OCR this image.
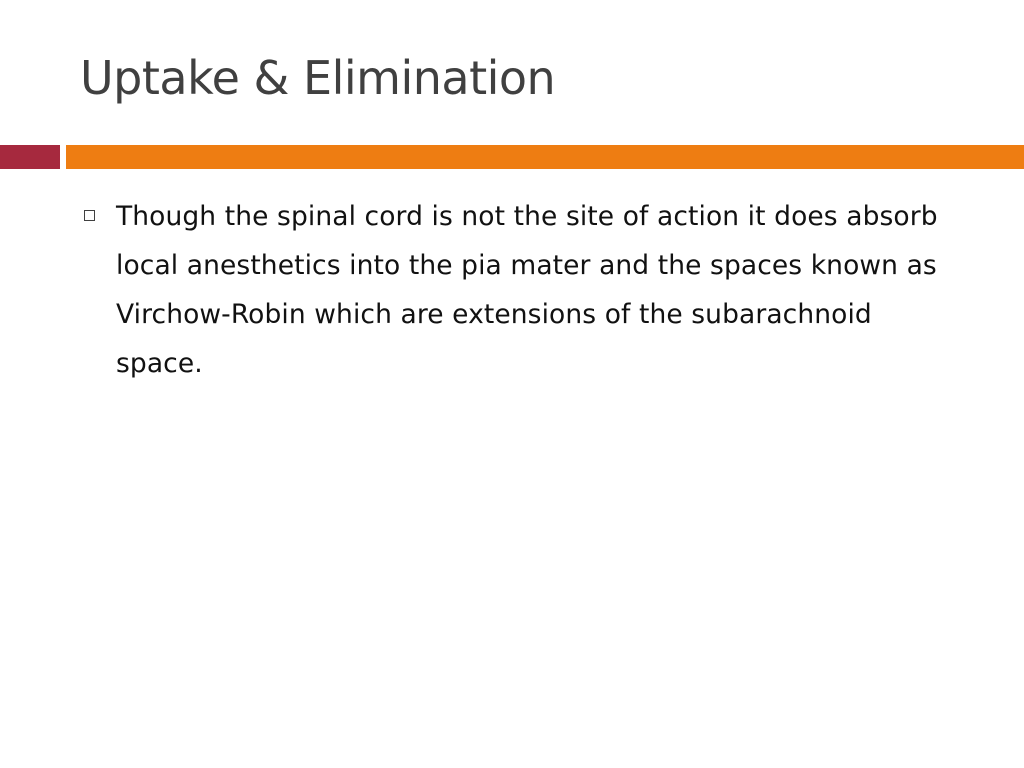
Uptake & Elimination

Though the spinal cord is not the site of action it does absorb local anesthetics into the pia mater and the spaces known as Virchow-Robin which are extensions of the subarachnoid space.
